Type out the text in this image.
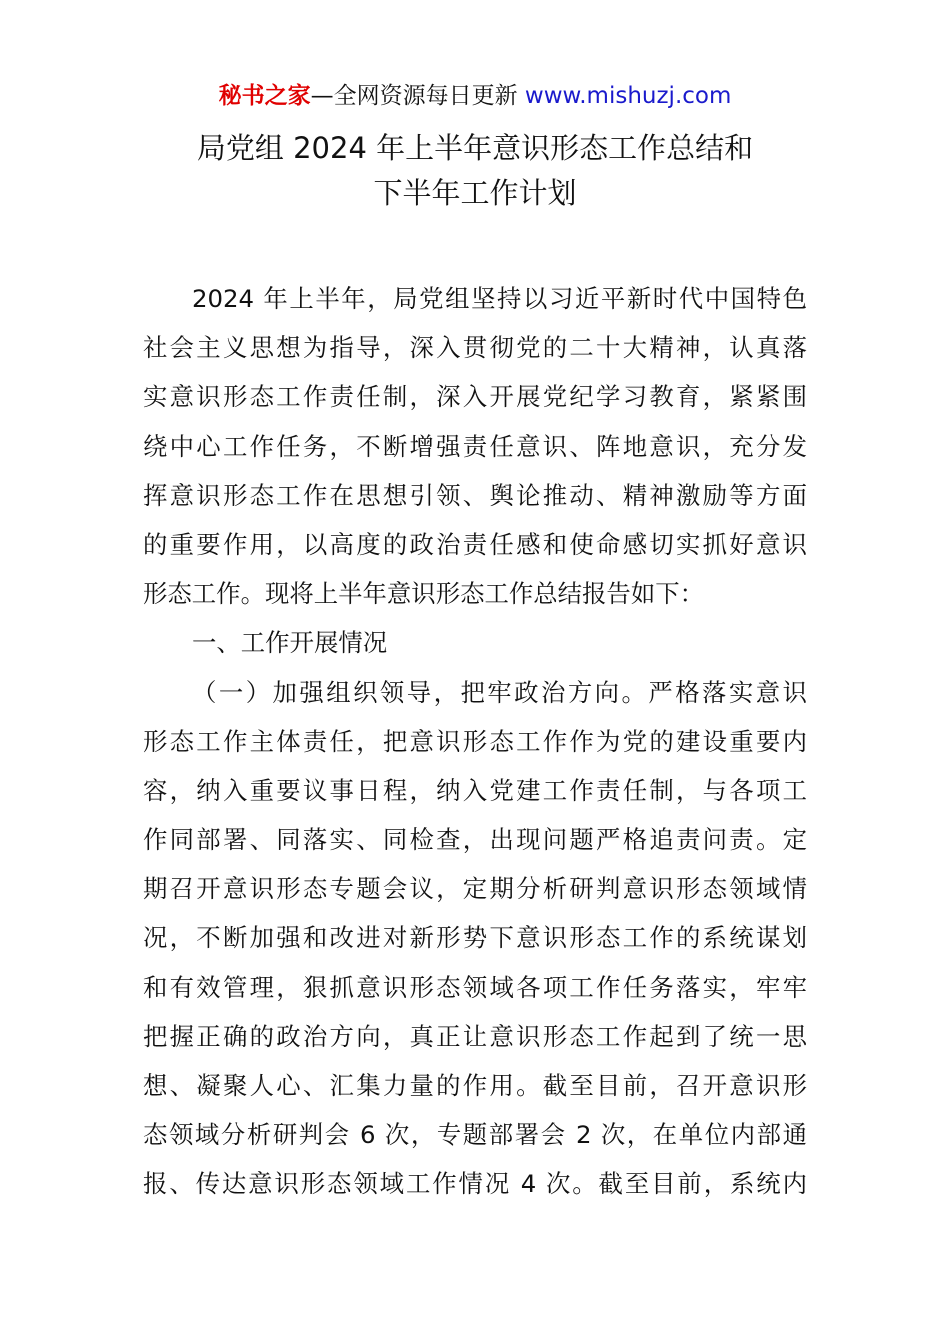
秘书之家—全网资源每日更新 www.mishuzj.com
局党组 2024 年上半年意识形态工作总结和
下半年工作计划
2024 年上半年，局党组坚持以习近平新时代中国特色
社会主义思想为指导，深入贯彻党的二十大精神，认真落
实意识形态工作责任制，深入开展党纪学习教育，紧紧围
绕中心工作任务，不断增强责任意识、阵地意识，充分发
挥意识形态工作在思想引领、舆论推动、精神激励等方面
的重要作用，以高度的政治责任感和使命感切实抓好意识
形态工作。现将上半年意识形态工作总结报告如下：
一、工作开展情况
（一）加强组织领导，把牢政治方向。严格落实意识
形态工作主体责任，把意识形态工作作为党的建设重要内
容，纳入重要议事日程，纳入党建工作责任制，与各项工
作同部署、同落实、同检查，出现问题严格追责问责。定
期召开意识形态专题会议，定期分析研判意识形态领域情
况，不断加强和改进对新形势下意识形态工作的系统谋划
和有效管理，狠抓意识形态领域各项工作任务落实，牢牢
把握正确的政治方向，真正让意识形态工作起到了统一思
想、凝聚人心、汇集力量的作用。截至目前，召开意识形
态领域分析研判会 6 次，专题部署会 2 次，在单位内部通
报、传达意识形态领域工作情况 4 次。截至目前，系统内
